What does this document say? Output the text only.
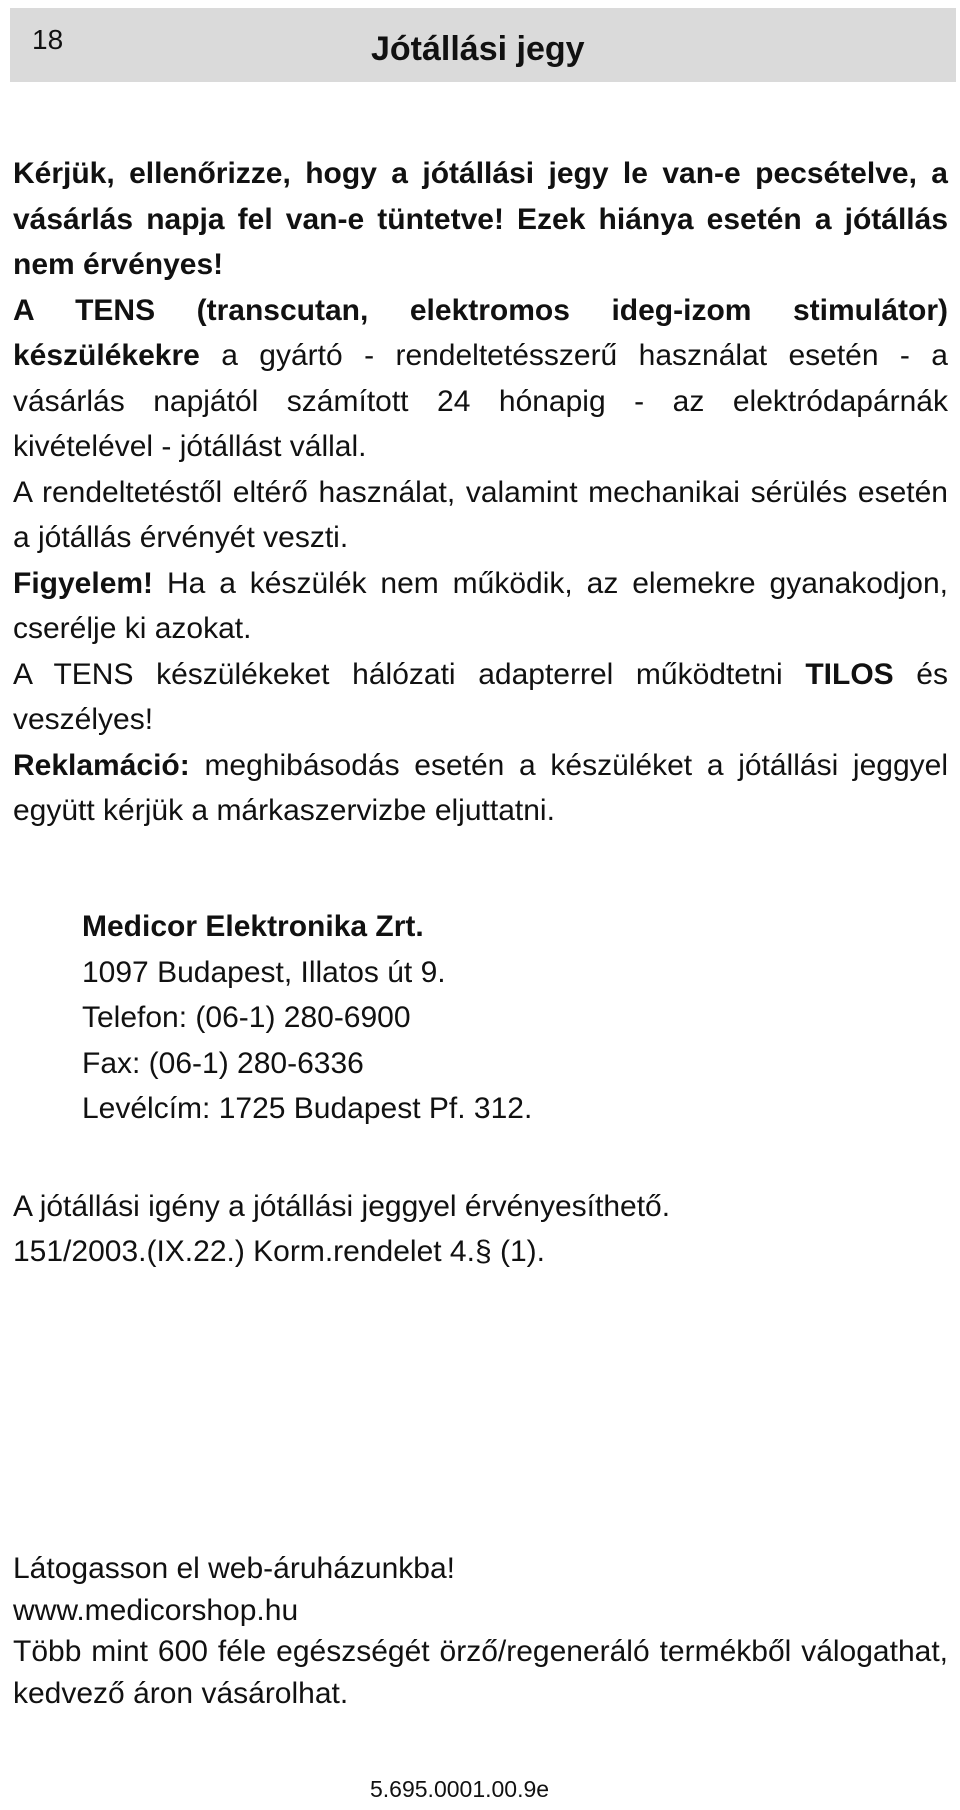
18	Jótállási jegy

Kérjük, ellenőrizze, hogy a jótállási jegy le van-e pecsételve, a vásárlás napja fel van-e tüntetve! Ezek hiánya esetén a jótállás nem érvényes!

A TENS (transcutan, elektromos ideg-izom stimulátor) készülékekre a gyártó - rendeltetésszerű használat esetén - a vásárlás napjától számított 24 hónapig - az elektródapárnák kivételével - jótállást vállal.

A rendeltetéstől eltérő használat, valamint mechanikai sérülés esetén a jótállás érvényét veszti.

Figyelem! Ha a készülék nem működik, az elemekre gyanakodjon, cserélje ki azokat.

A TENS készülékeket hálózati adapterrel működtetni TILOS és veszélyes!

Reklamáció: meghibásodás esetén a készüléket a jótállási jeggyel együtt kérjük a márkaszervizbe eljuttatni.

Medicor Elektronika Zrt.
1097 Budapest, Illatos út 9.
Telefon: (06-1) 280-6900
Fax: (06-1) 280-6336
Levélcím: 1725 Budapest Pf. 312.
A jótállási igény a jótállási jeggyel érvényesíthető.
151/2003.(IX.22.) Korm.rendelet 4.§ (1).
Látogasson el web-áruházunkba!
www.medicorshop.hu
Több mint 600 féle egészségét örző/regeneráló termékből válogathat, kedvező áron vásárolhat.
5.695.0001.00.9e
